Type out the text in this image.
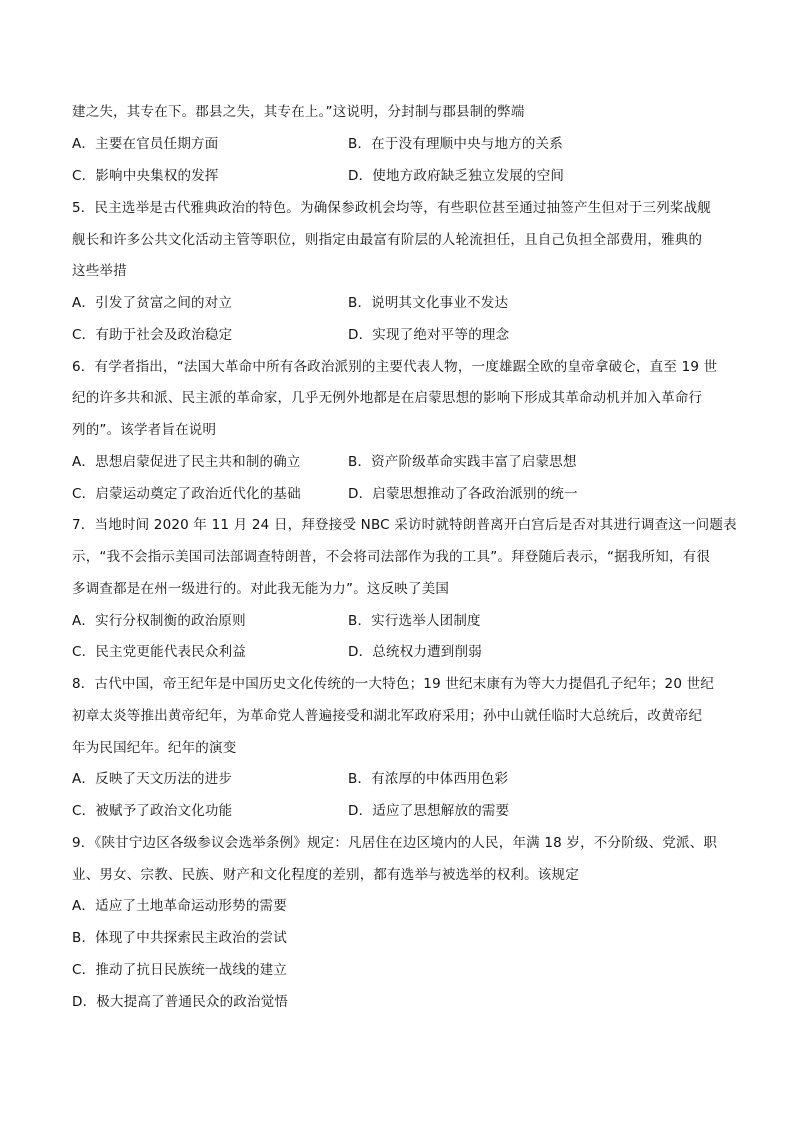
建之失，其专在下。郡县之失，其专在上。”这说明，分封制与郡县制的弊端
A．主要在官员任期方面	B．在于没有理顺中央与地方的关系
C．影响中央集权的发挥	D．使地方政府缺乏独立发展的空间
5．民主选举是古代雅典政治的特色。为确保参政机会均等，有些职位甚至通过抽签产生但对于三列桨战舰
舰长和许多公共文化活动主管等职位，则指定由最富有阶层的人轮流担任，且自己负担全部费用，雅典的
这些举措
A．引发了贫富之间的对立	B．说明其文化事业不发达
C．有助于社会及政治稳定	D．实现了绝对平等的理念
6．有学者指出，“法国大革命中所有各政治派别的主要代表人物，一度雄踞全欧的皇帝拿破仑，直至 19 世
纪的许多共和派、民主派的革命家，几乎无例外地都是在启蒙思想的影响下形成其革命动机并加入革命行
列的”。该学者旨在说明
A．思想启蒙促进了民主共和制的确立	B．资产阶级革命实践丰富了启蒙思想
C．启蒙运动奠定了政治近代化的基础	D．启蒙思想推动了各政治派别的统一
7．当地时间 2020 年 11 月 24 日，拜登接受 NBC 采访时就特朗普离开白宫后是否对其进行调查这一问题表
示，“我不会指示美国司法部调查特朗普，不会将司法部作为我的工具”。拜登随后表示，“据我所知，有很
多调查都是在州一级进行的。对此我无能为力”。这反映了美国
A．实行分权制衡的政治原则	B．实行选举人团制度
C．民主党更能代表民众利益	D．总统权力遭到削弱
8．古代中国，帝王纪年是中国历史文化传统的一大特色；19 世纪末康有为等大力提倡孔子纪年；20 世纪
初章太炎等推出黄帝纪年，为革命党人普遍接受和湖北军政府采用；孙中山就任临时大总统后，改黄帝纪
年为民国纪年。纪年的演变
A．反映了天文历法的进步	B．有浓厚的中体西用色彩
C．被赋予了政治文化功能	D．适应了思想解放的需要
9．《陕甘宁边区各级参议会选举条例》规定：凡居住在边区境内的人民，年满 18 岁，不分阶级、党派、职
业、男女、宗教、民族、财产和文化程度的差别，都有选举与被选举的权利。该规定
A．适应了土地革命运动形势的需要
B．体现了中共探索民主政治的尝试
C．推动了抗日民族统一战线的建立
D．极大提高了普通民众的政治觉悟
